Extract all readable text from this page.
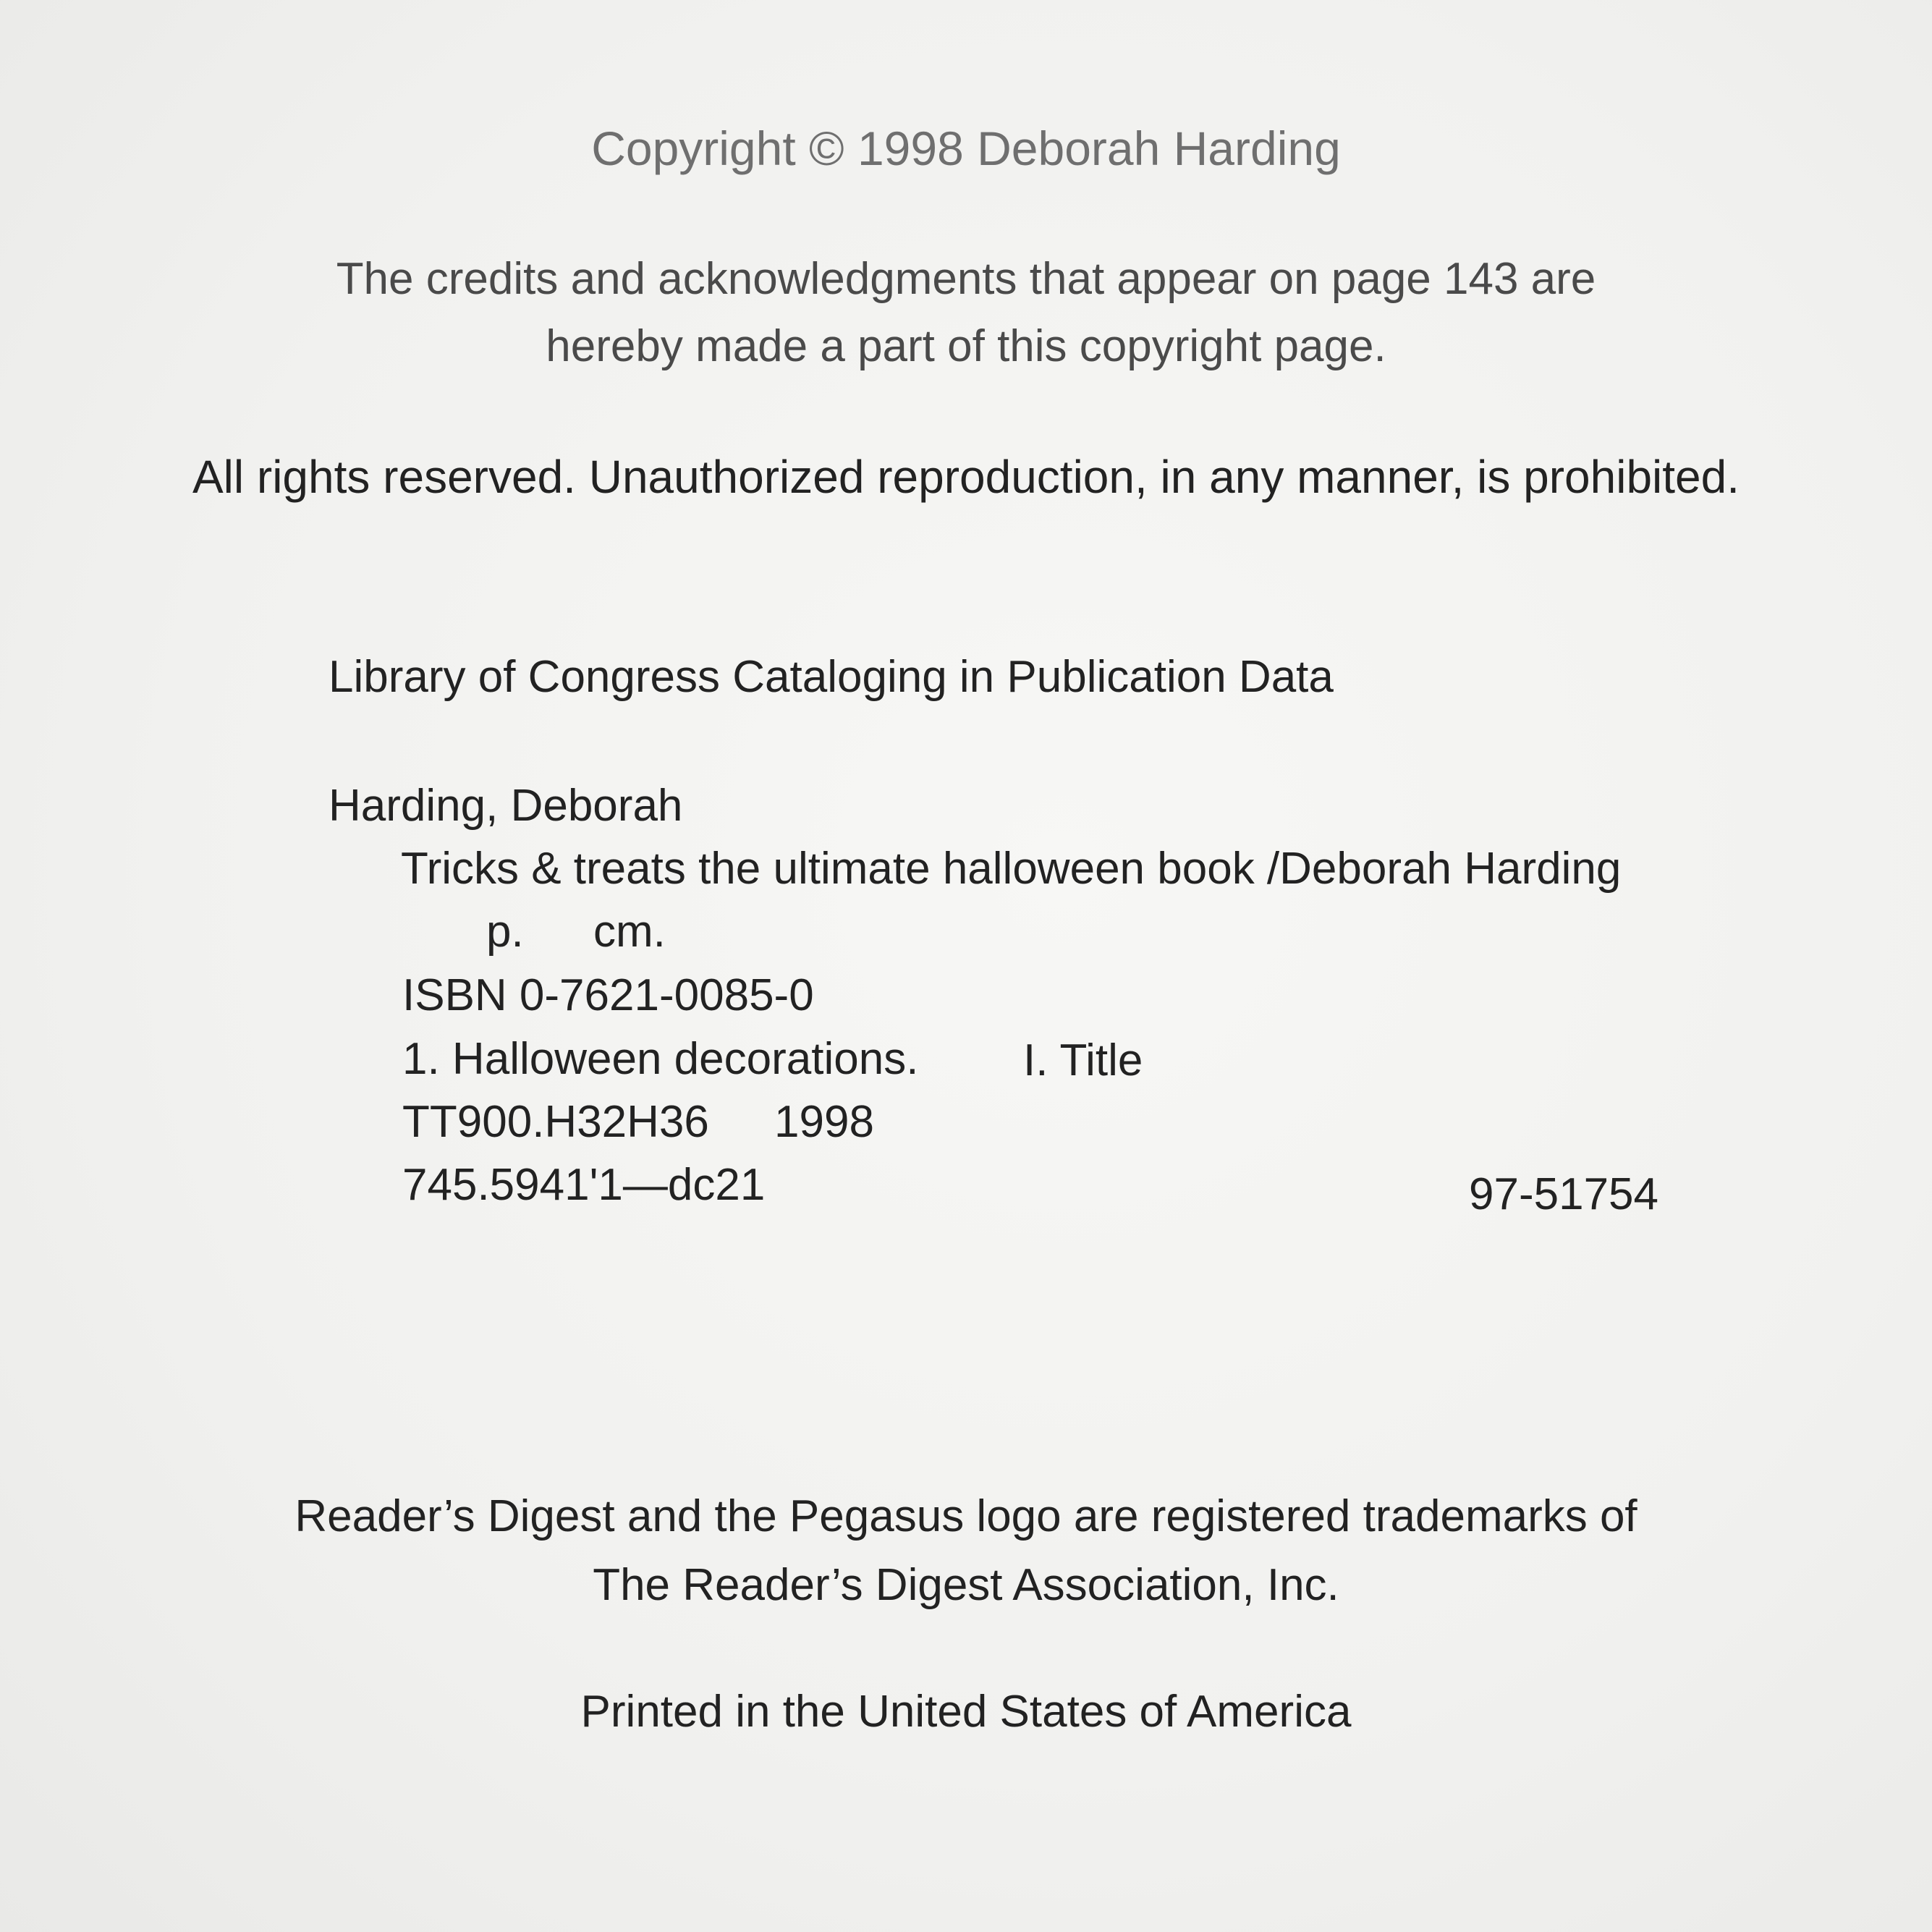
Copyright © 1998 Deborah Harding
The credits and acknowledgments that appear on page 143 are
hereby made a part of this copyright page.
All rights reserved. Unauthorized reproduction, in any manner, is prohibited.
Library of Congress Cataloging in Publication Data
Harding, Deborah
Tricks & treats the ultimate halloween book /Deborah Harding
p. cm.
ISBN 0-7621-0085-0
1. Halloween decorations. I. Title
TT900.H32H36 1998
745.5941'1—dc21	97-51754
Reader’s Digest and the Pegasus logo are registered trademarks of
The Reader’s Digest Association, Inc.
Printed in the United States of America
